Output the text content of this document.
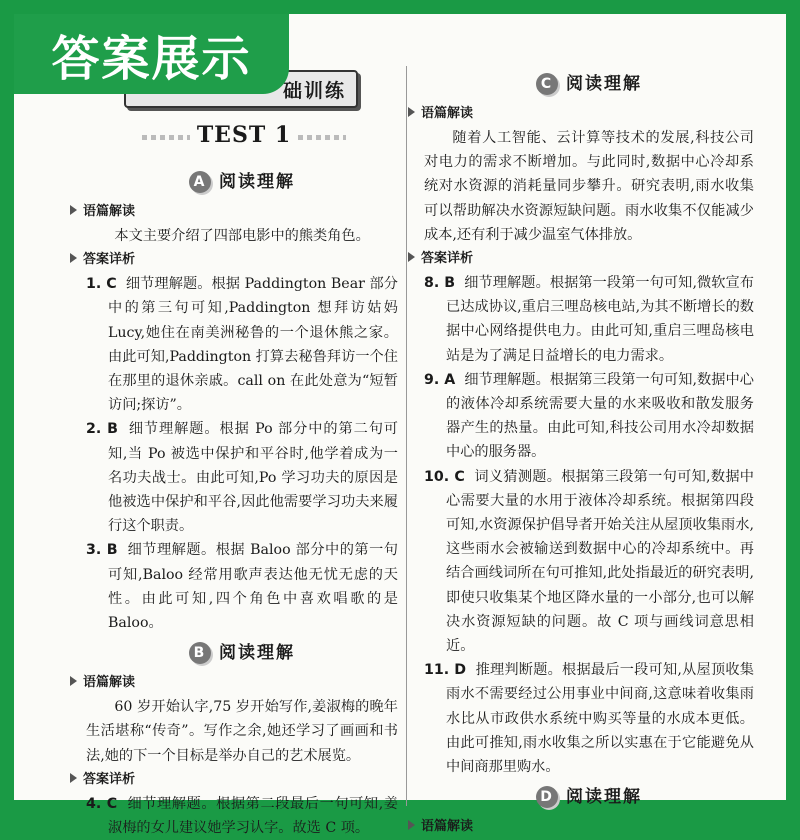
答案展示
础训练
TEST 1
A 阅读理解
语篇解读
本文主要介绍了四部电影中的熊类角色。
答案详析
1. C 细节理解题。根据 Paddington Bear 部分中的第三句可知,Paddington 想拜访姑妈 Lucy,她住在南美洲秘鲁的一个退休熊之家。由此可知,Paddington 打算去秘鲁拜访一个住在那里的退休亲戚。call on 在此处意为“短暂访问;探访”。
2. B 细节理解题。根据 Po 部分中的第二句可知,当 Po 被选中保护和平谷时,他学着成为一名功夫战士。由此可知,Po 学习功夫的原因是他被选中保护和平谷,因此他需要学习功夫来履行这个职责。
3. B 细节理解题。根据 Baloo 部分中的第一句可知,Baloo 经常用歌声表达他无忧无虑的天性。由此可知,四个角色中喜欢唱歌的是 Baloo。
B 阅读理解
语篇解读
60 岁开始认字,75 岁开始写作,姜淑梅的晚年生活堪称“传奇”。写作之余,她还学习了画画和书法,她的下一个目标是举办自己的艺术展览。
答案详析
4. C 细节理解题。根据第二段最后一句可知,姜淑梅的女儿建议她学习认字。故选 C 项。
C 阅读理解
语篇解读
随着人工智能、云计算等技术的发展,科技公司对电力的需求不断增加。与此同时,数据中心冷却系统对水资源的消耗量同步攀升。研究表明,雨水收集可以帮助解决水资源短缺问题。雨水收集不仅能减少成本,还有利于减少温室气体排放。
答案详析
8. B 细节理解题。根据第一段第一句可知,微软宣布已达成协议,重启三哩岛核电站,为其不断增长的数据中心网络提供电力。由此可知,重启三哩岛核电站是为了满足日益增长的电力需求。
9. A 细节理解题。根据第三段第一句可知,数据中心的液体冷却系统需要大量的水来吸收和散发服务器产生的热量。由此可知,科技公司用水冷却数据中心的服务器。
10. C 词义猜测题。根据第三段第一句可知,数据中心需要大量的水用于液体冷却系统。根据第四段可知,水资源保护倡导者开始关注从屋顶收集雨水,这些雨水会被输送到数据中心的冷却系统中。再结合画线词所在句可推知,此处指最近的研究表明,即使只收集某个地区降水量的一小部分,也可以解决水资源短缺的问题。故 C 项与画线词意思相近。
11. D 推理判断题。根据最后一段可知,从屋顶收集雨水不需要经过公用事业中间商,这意味着收集雨水比从市政供水系统中购买等量的水成本更低。由此可推知,雨水收集之所以实惠在于它能避免从中间商那里购水。
D 阅读理解
语篇解读
